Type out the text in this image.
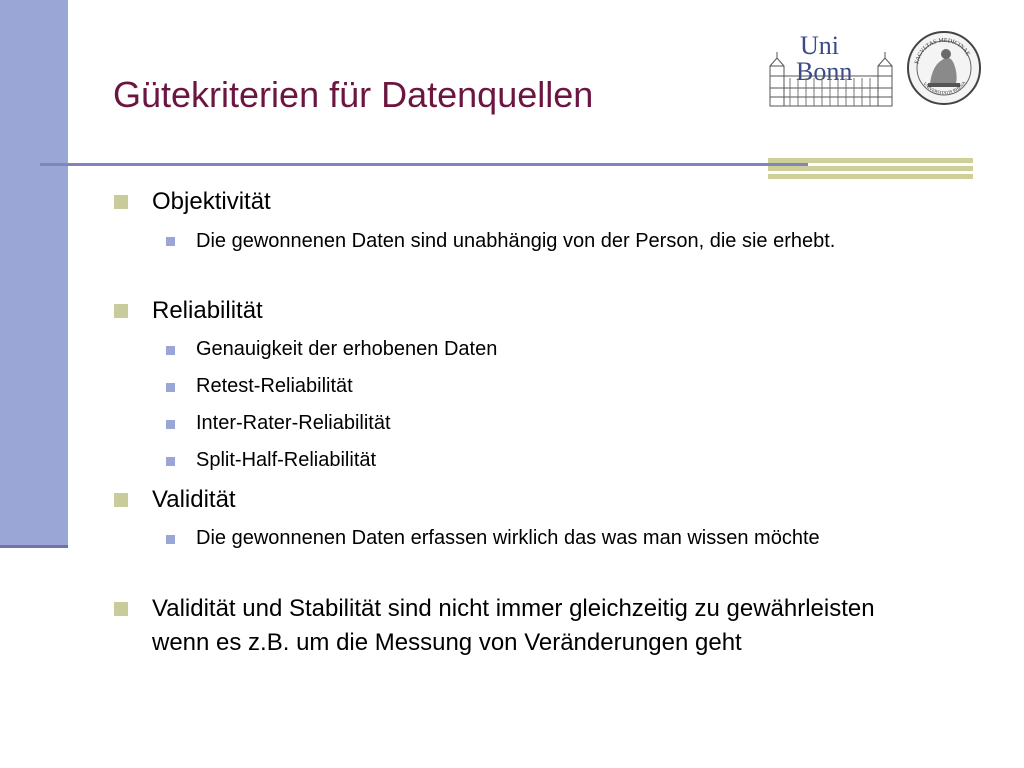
Gütekriterien für Datenquellen
Uni
Bonn	FACVLTAS MEDICINAE
VNIVERSITATIS RHENA
Objektivität
Die gewonnenen Daten sind unabhängig von der Person, die sie erhebt.
Reliabilität
Genauigkeit der erhobenen Daten
Retest-Reliabilität
Inter-Rater-Reliabilität
Split-Half-Reliabilität
Validität
Die gewonnenen Daten erfassen wirklich das was man wissen möchte
Validität und Stabilität sind nicht immer gleichzeitig zu gewährleisten wenn es z.B. um die Messung von Veränderungen geht
